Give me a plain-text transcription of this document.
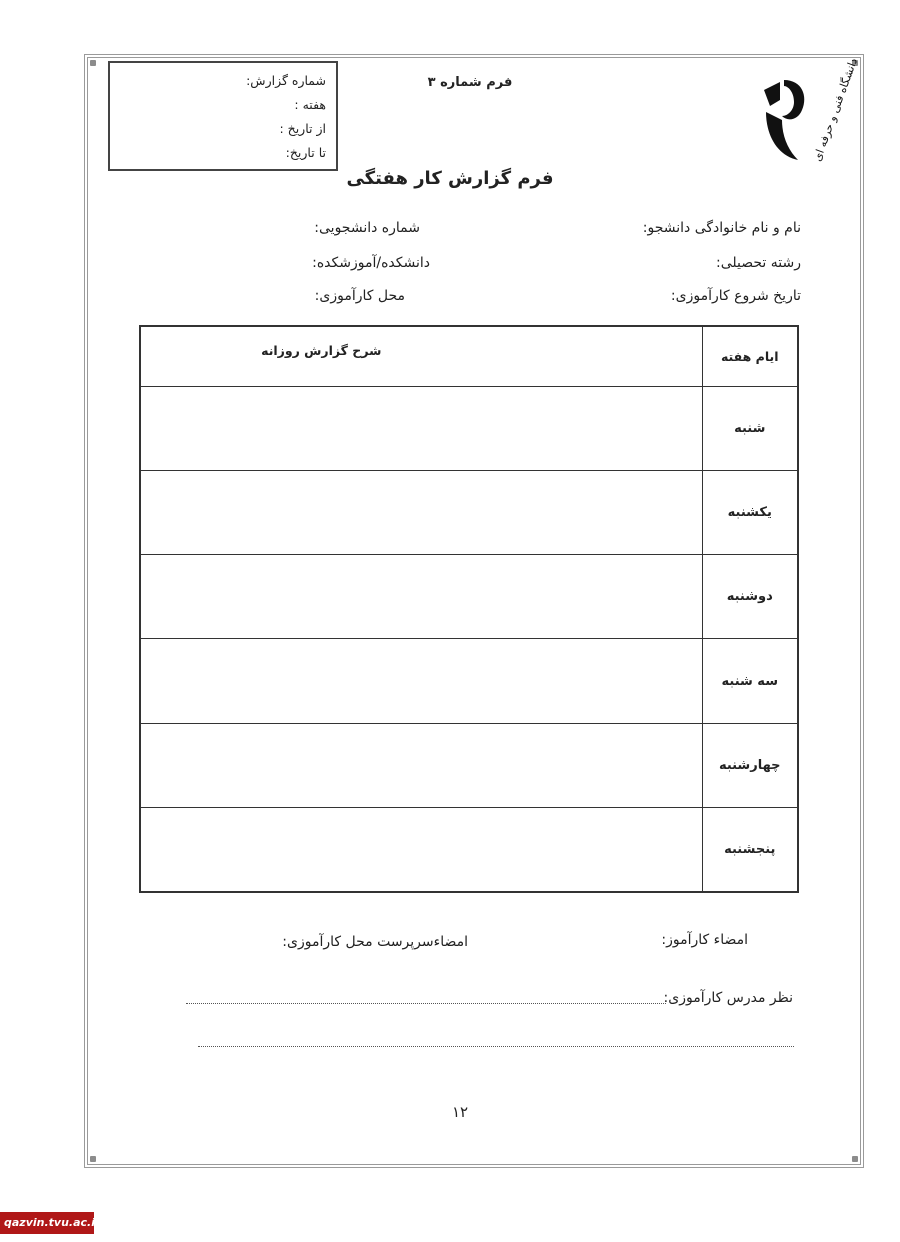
شماره گزارش:
هفته :
از تاریخ :
تا تاریخ:
فرم شماره ۳
فرم گزارش کار هفتگی
دانشگاه فنی و حرفه ای
نام و نام خانوادگی دانشجو:
شماره دانشجویی:
رشته تحصیلی:
دانشکده/آموزشکده:
تاریخ شروع کارآموزی:
محل کارآموزی:
ایام هفته	شرح گزارش روزانه
شنبه	
یکشنبه	
دوشنبه	
سه شنبه	
چهارشنبه	
پنجشنبه	
امضاء کارآموز:
امضاءسرپرست محل کارآموزی:
نظر مدرس کارآموزی:
۱۲
qazvin.tvu.ac.ir
